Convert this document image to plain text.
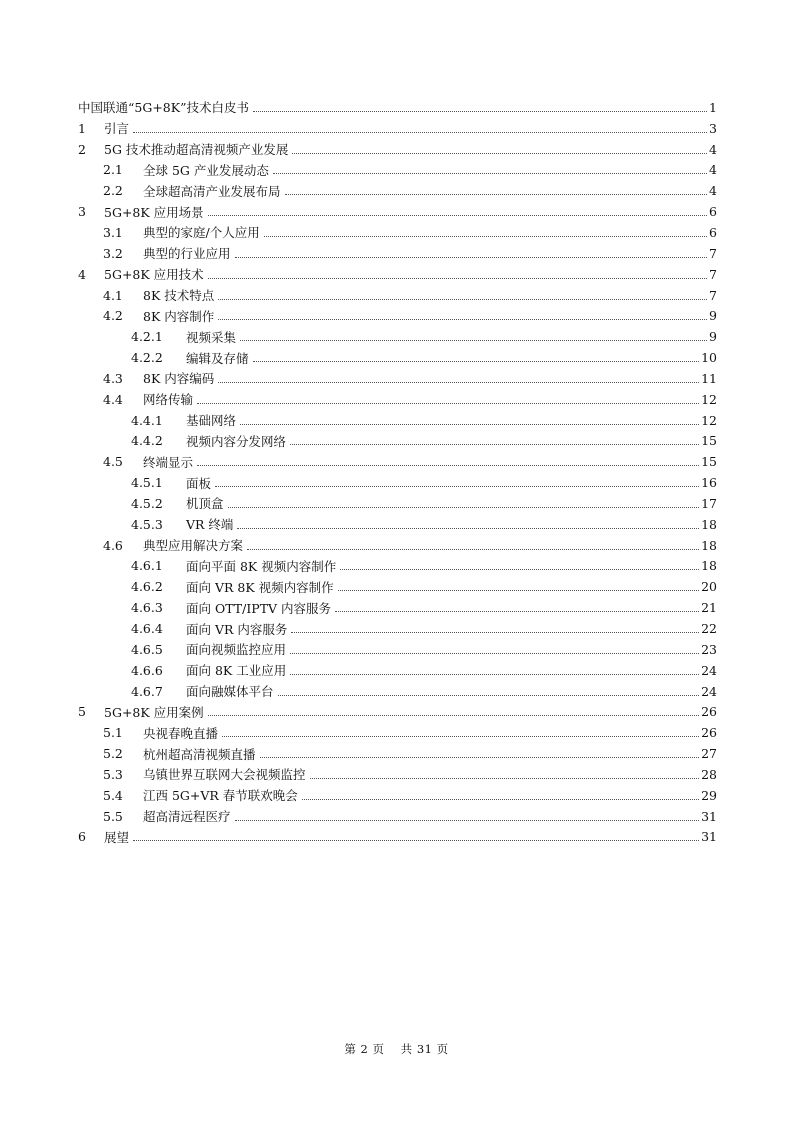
中国联通“5G+8K”技术白皮书	1
1	引言	3
2	5G 技术推动超高清视频产业发展	4
2.1	全球 5G 产业发展动态	4
2.2	全球超高清产业发展布局	4
3	5G+8K 应用场景	6
3.1	典型的家庭/个人应用	6
3.2	典型的行业应用	7
4	5G+8K 应用技术	7
4.1	8K 技术特点	7
4.2	8K 内容制作	9
4.2.1	视频采集	9
4.2.2	编辑及存储	10
4.3	8K 内容编码	11
4.4	网络传输	12
4.4.1	基础网络	12
4.4.2	视频内容分发网络	15
4.5	终端显示	15
4.5.1	面板	16
4.5.2	机顶盒	17
4.5.3	VR 终端	18
4.6	典型应用解决方案	18
4.6.1	面向平面 8K 视频内容制作	18
4.6.2	面向 VR 8K 视频内容制作	20
4.6.3	面向 OTT/IPTV 内容服务	21
4.6.4	面向 VR 内容服务	22
4.6.5	面向视频监控应用	23
4.6.6	面向 8K 工业应用	24
4.6.7	面向融媒体平台	24
5	5G+8K 应用案例	26
5.1	央视春晚直播	26
5.2	杭州超高清视频直播	27
5.3	乌镇世界互联网大会视频监控	28
5.4	江西 5G+VR 春节联欢晚会	29
5.5	超高清远程医疗	31
6	展望	31
第 2 页 共 31 页
